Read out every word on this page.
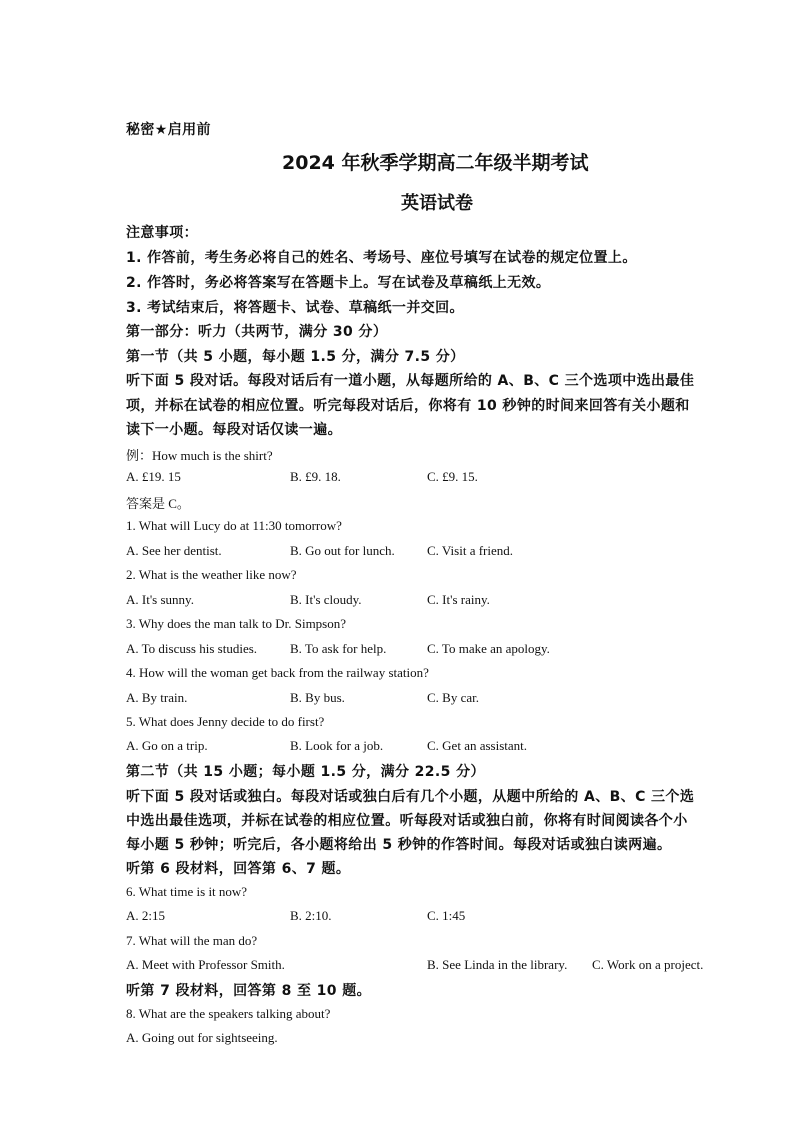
秘密★启用前
2024 年秋季学期高二年级半期考试
英语试卷
注意事项：
1. 作答前，考生务必将自己的姓名、考场号、座位号填写在试卷的规定位置上。
2. 作答时，务必将答案写在答题卡上。写在试卷及草稿纸上无效。
3. 考试结束后，将答题卡、试卷、草稿纸一并交回。
第一部分：听力（共两节，满分 30 分）
第一节（共 5 小题，每小题 1.5 分，满分 7.5 分）
听下面 5 段对话。每段对话后有一道小题，从每题所给的 A、B、C 三个选项中选出最佳
项，并标在试卷的相应位置。听完每段对话后，你将有 10 秒钟的时间来回答有关小题和
读下一小题。每段对话仅读一遍。
例：How much is the shirt?
A. £19. 15	B. £9. 18.	C. £9. 15.
答案是 C。
1. What will Lucy do at 11:30 tomorrow?
A. See her dentist.	B. Go out for lunch. C. Visit a friend.
2. What is the weather like now?
A. It's sunny.	B. It's cloudy.	C. It's rainy.
3. Why does the man talk to Dr. Simpson?
A. To discuss his studies.	B. To ask for help.	C. To make an apology.
4. How will the woman get back from the railway station?
A. By train.	B. By bus.	C. By car.
5. What does Jenny decide to do first?
A. Go on a trip.	B. Look for a job.	C. Get an assistant.
第二节（共 15 小题；每小题 1.5 分，满分 22.5 分）
听下面 5 段对话或独白。每段对话或独白后有几个小题，从题中所给的 A、B、C 三个选
中选出最佳选项，并标在试卷的相应位置。听每段对话或独白前，你将有时间阅读各个小
每小题 5 秒钟；听完后，各小题将给出 5 秒钟的作答时间。每段对话或独白读两遍。
听第 6 段材料，回答第 6、7 题。
6. What time is it now?
A. 2:15	B. 2:10.	C. 1:45
7. What will the man do?
A. Meet with Professor Smith.	B. See Linda in the library. C. Work on a project.
听第 7 段材料，回答第 8 至 10 题。
8. What are the speakers talking about?
A. Going out for sightseeing.
